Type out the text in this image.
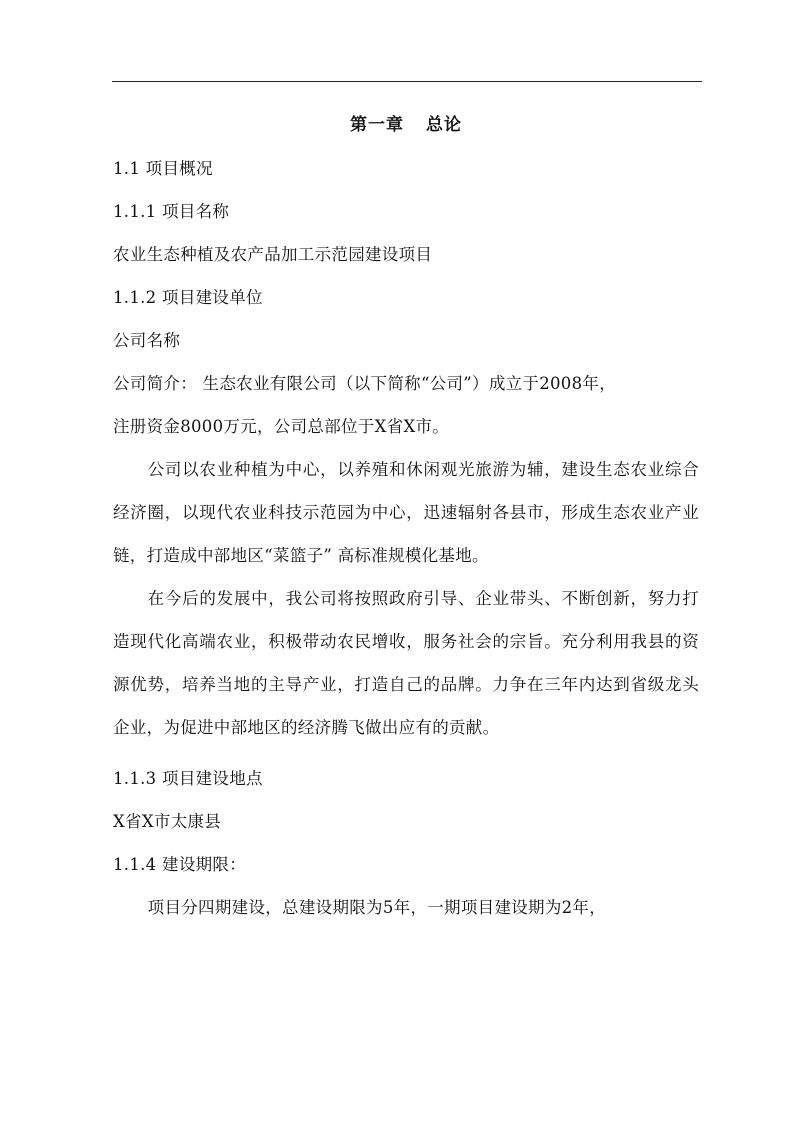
第一章 总论

1.1 项目概况

1.1.1 项目名称

农业生态种植及农产品加工示范园建设项目

1.1.2 项目建设单位

公司名称

公司简介： 生态农业有限公司（以下简称“公司”）成立于2008年，

注册资金8000万元，公司总部位于X省X市。

公司以农业种植为中心，以养殖和休闲观光旅游为辅，建设生态农业综合经济圈，以现代农业科技示范园为中心，迅速辐射各县市，形成生态农业产业链，打造成中部地区“菜篮子” 高标准规模化基地。

在今后的发展中，我公司将按照政府引导、企业带头、不断创新，努力打造现代化高端农业，积极带动农民增收，服务社会的宗旨。充分利用我县的资源优势，培养当地的主导产业，打造自己的品牌。力争在三年内达到省级龙头企业，为促进中部地区的经济腾飞做出应有的贡献。

1.1.3 项目建设地点

X省X市太康县

1.1.4 建设期限：

项目分四期建设，总建设期限为5年，一期项目建设期为2年，
